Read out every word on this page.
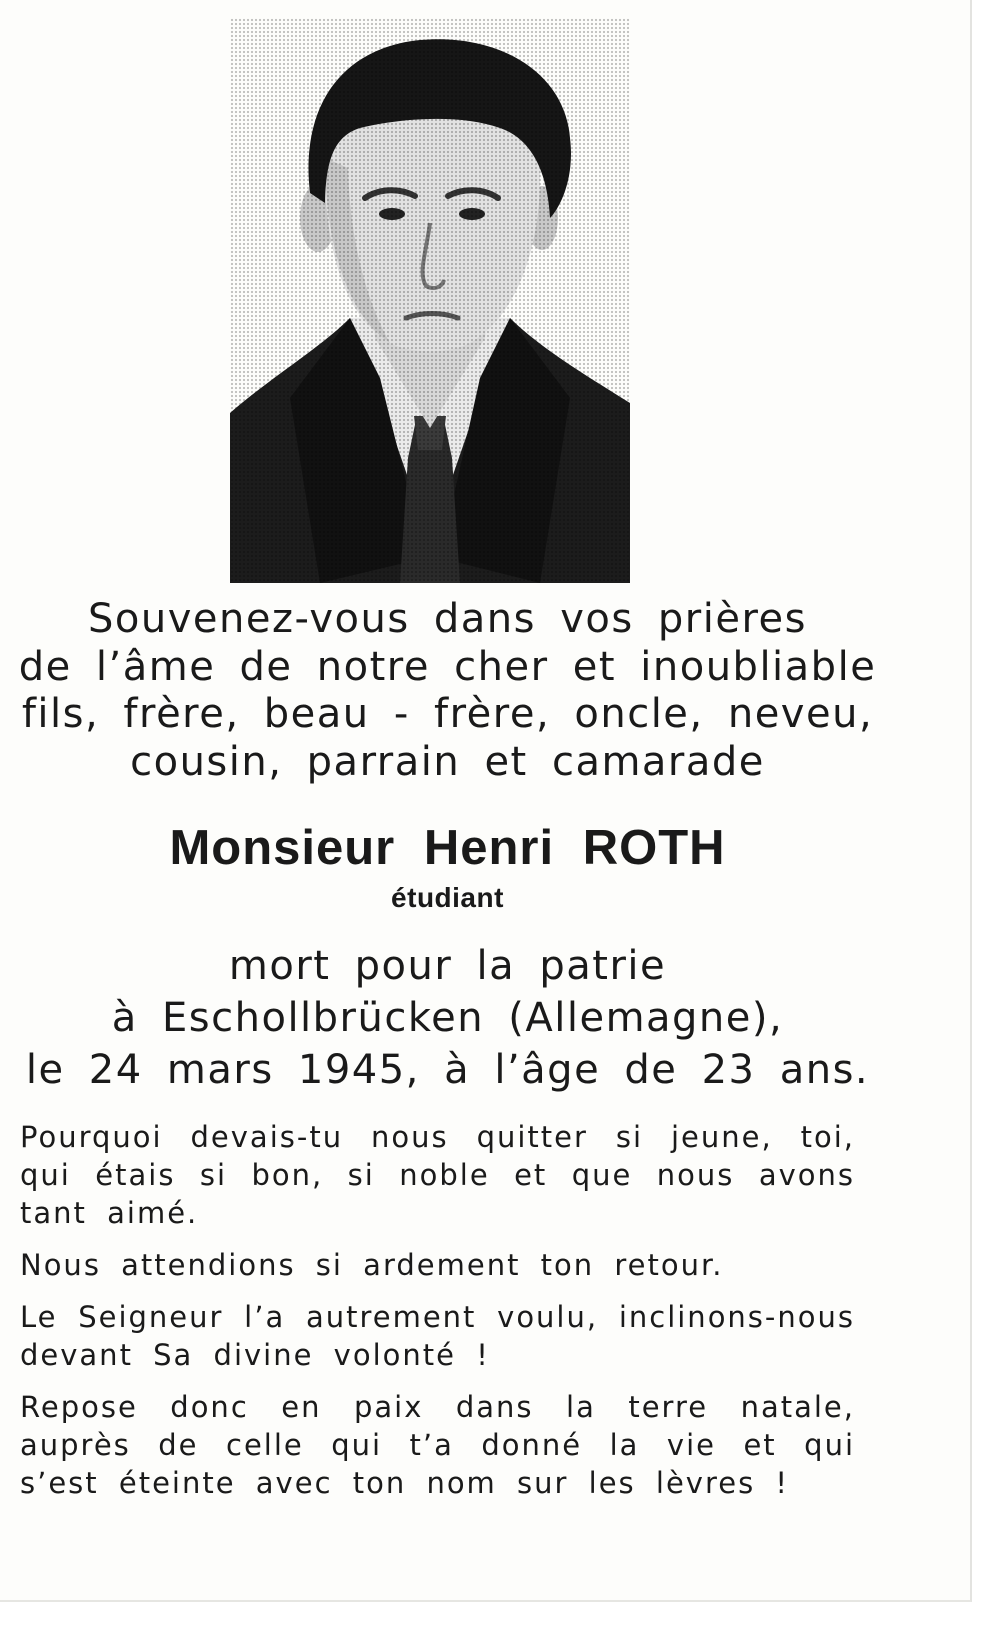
Souvenez-vous dans vos prières
de l’âme de notre cher et inoubliable
fils, frère, beau - frère, oncle, neveu,
cousin, parrain et camarade
Monsieur Henri ROTH
étudiant
mort pour la patrie
à Eschollbrücken (Allemagne),
le 24 mars 1945, à l’âge de 23 ans.
Pourquoi devais-tu nous quitter si jeune, toi,
qui étais si bon, si noble et que nous avons
tant aimé.
Nous attendions si ardement ton retour.
Le Seigneur l’a autrement voulu, inclinons-nous
devant Sa divine volonté !
Repose donc en paix dans la terre natale,
auprès de celle qui t’a donné la vie et qui
s’est éteinte avec ton nom sur les lèvres !
